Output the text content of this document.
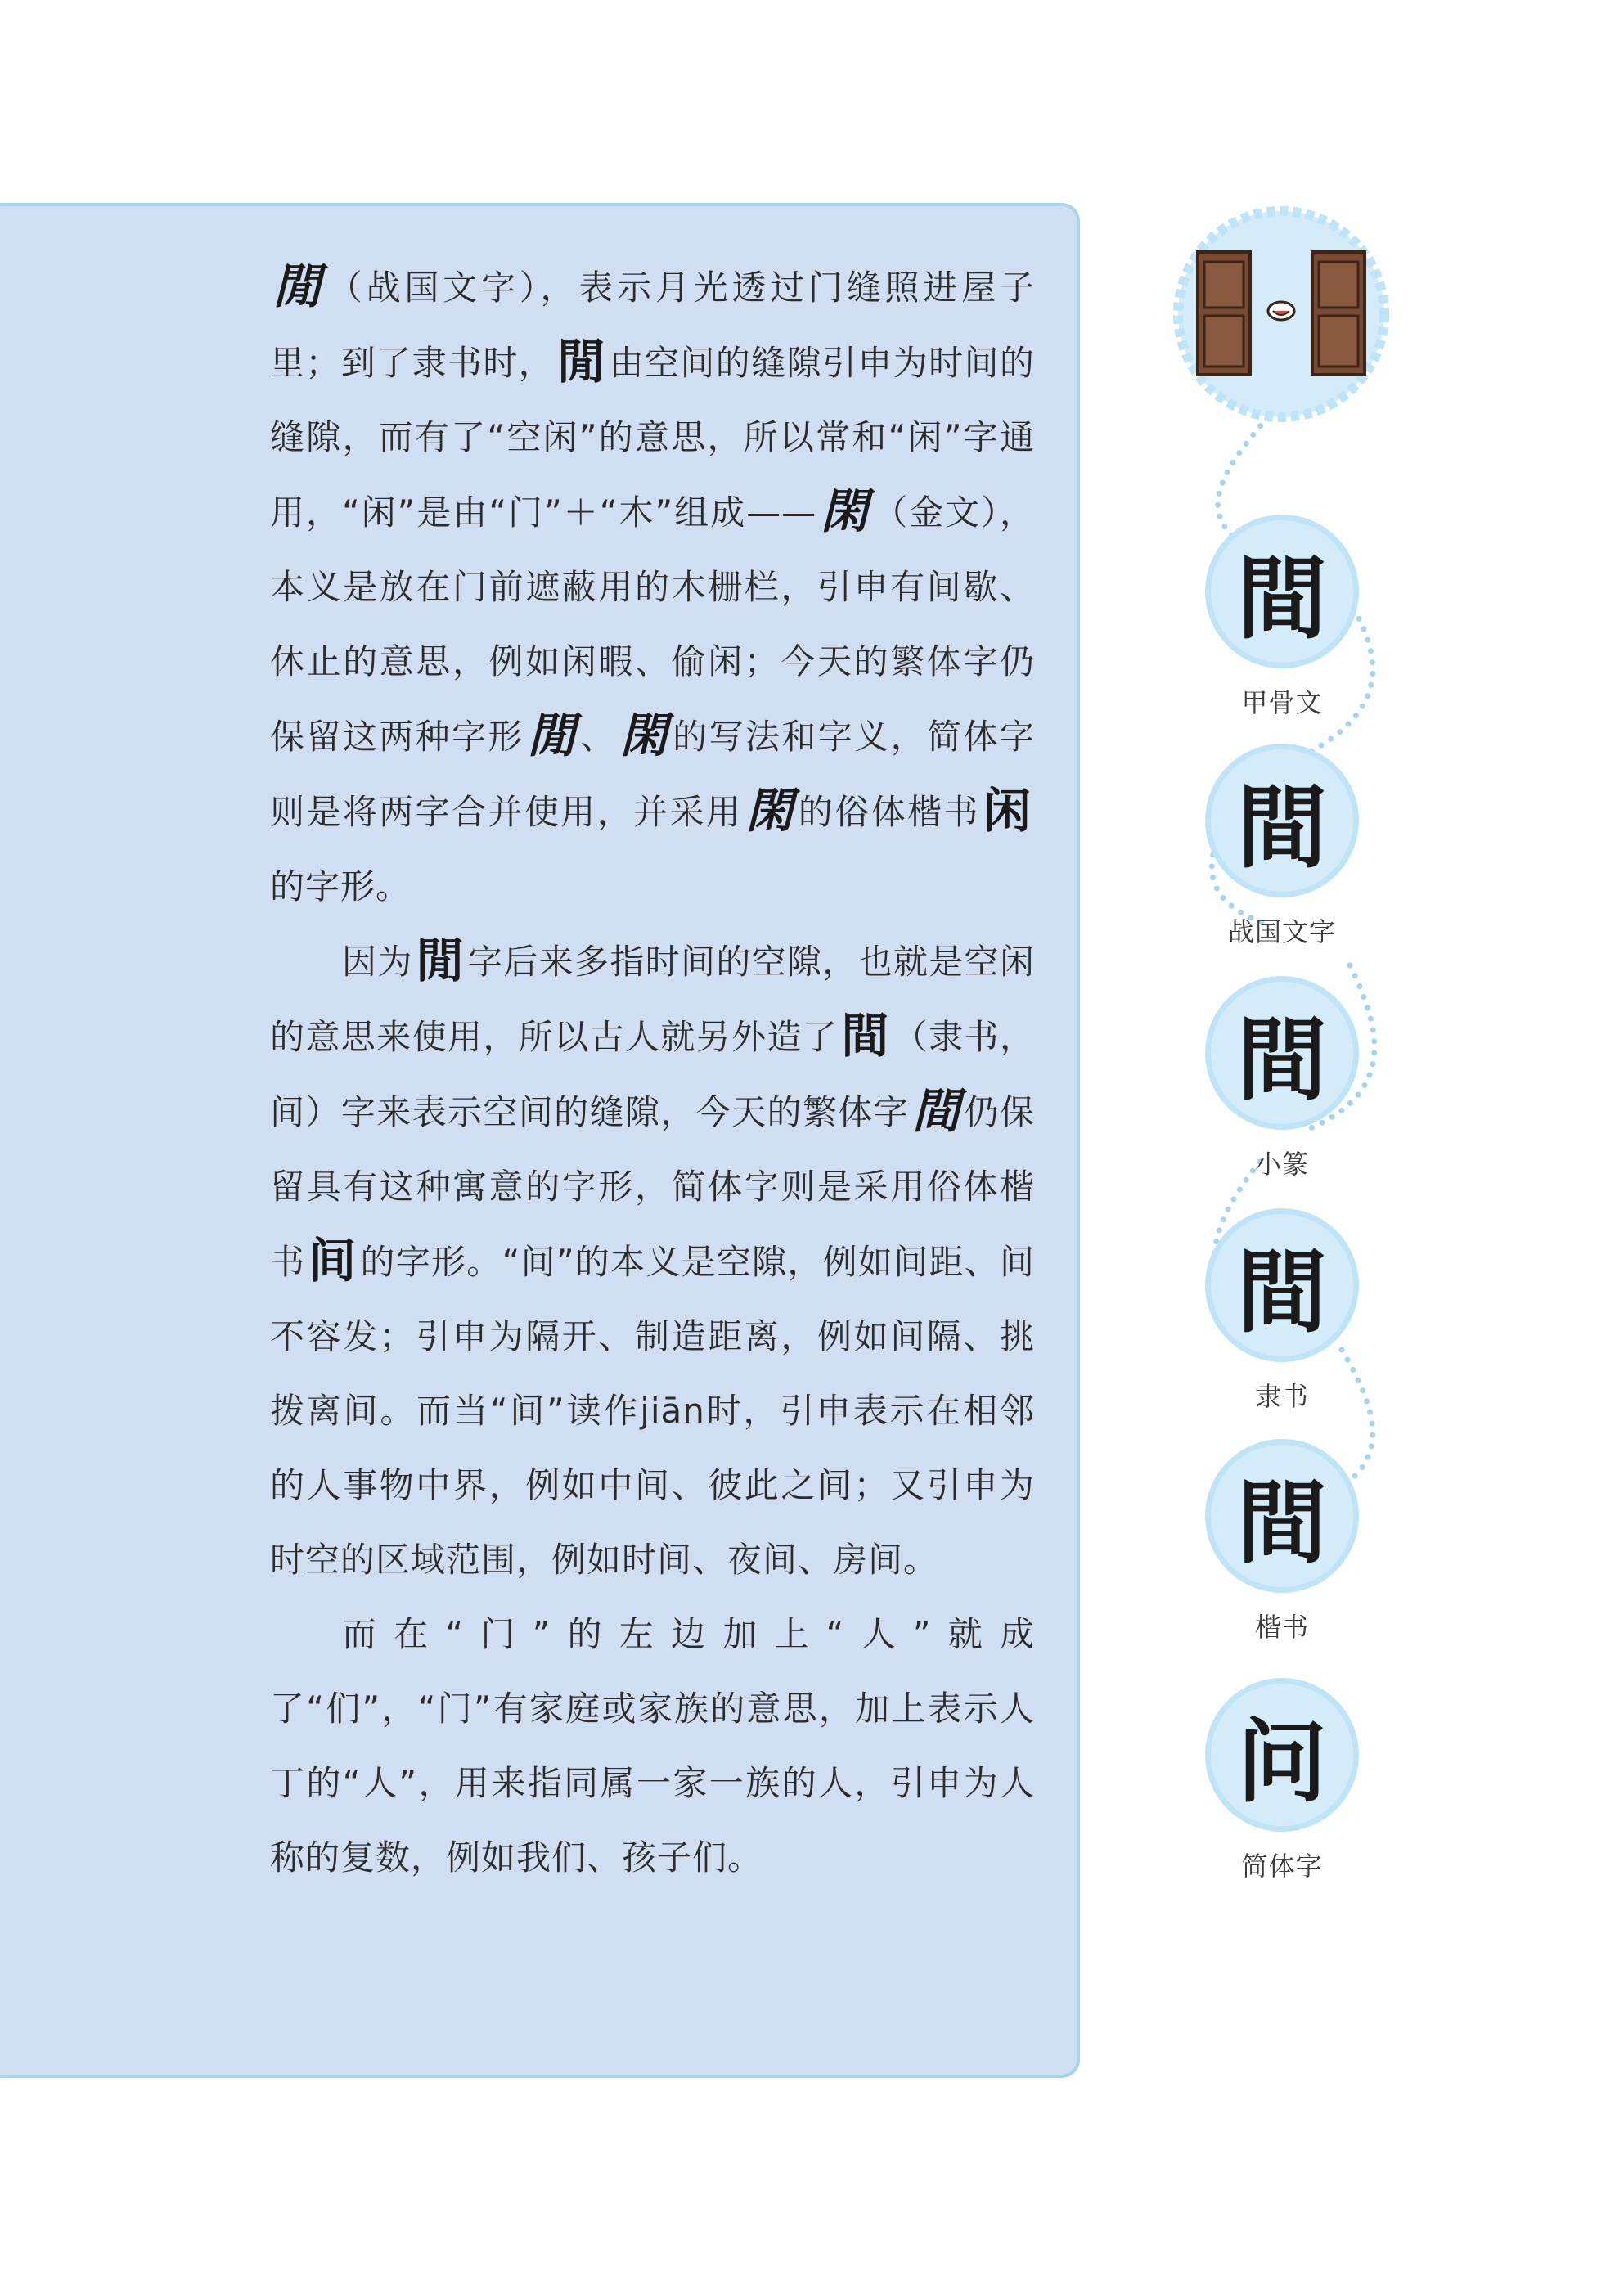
閒（战国文字），表示月光透过门缝照进屋子里；到了隶书时，閒由空间的缝隙引申为时间的缝隙，而有了“空闲”的意思，所以常和“闲”字通用，“闲”是由“门”＋“木”组成——閑（金文），本义是放在门前遮蔽用的木栅栏，引申有间歇、休止的意思，例如闲暇、偷闲；今天的繁体字仍保留这两种字形閒、閑的写法和字义，简体字则是将两字合并使用，并采用閑的俗体楷书闲的字形。

因为閒字后来多指时间的空隙，也就是空闲的意思来使用，所以古人就另外造了間（隶书，间）字来表示空间的缝隙，今天的繁体字間仍保留具有这种寓意的字形，简体字则是采用俗体楷书间的字形。“间”的本义是空隙，例如间距、间不容发；引申为隔开、制造距离，例如间隔、挑拨离间。而当“间”读作jiān时，引申表示在相邻的人事物中界，例如中间、彼此之间；又引申为时空的区域范围，例如时间、夜间、房间。

而在“门”的左边加上“人”就成了“们”，“门”有家庭或家族的意思，加上表示人丁的“人”，用来指同属一家一族的人，引申为人称的复数，例如我们、孩子们。

間
甲骨文
間
战国文字
間
小篆
間
隶书
間
楷书
问
简体字
